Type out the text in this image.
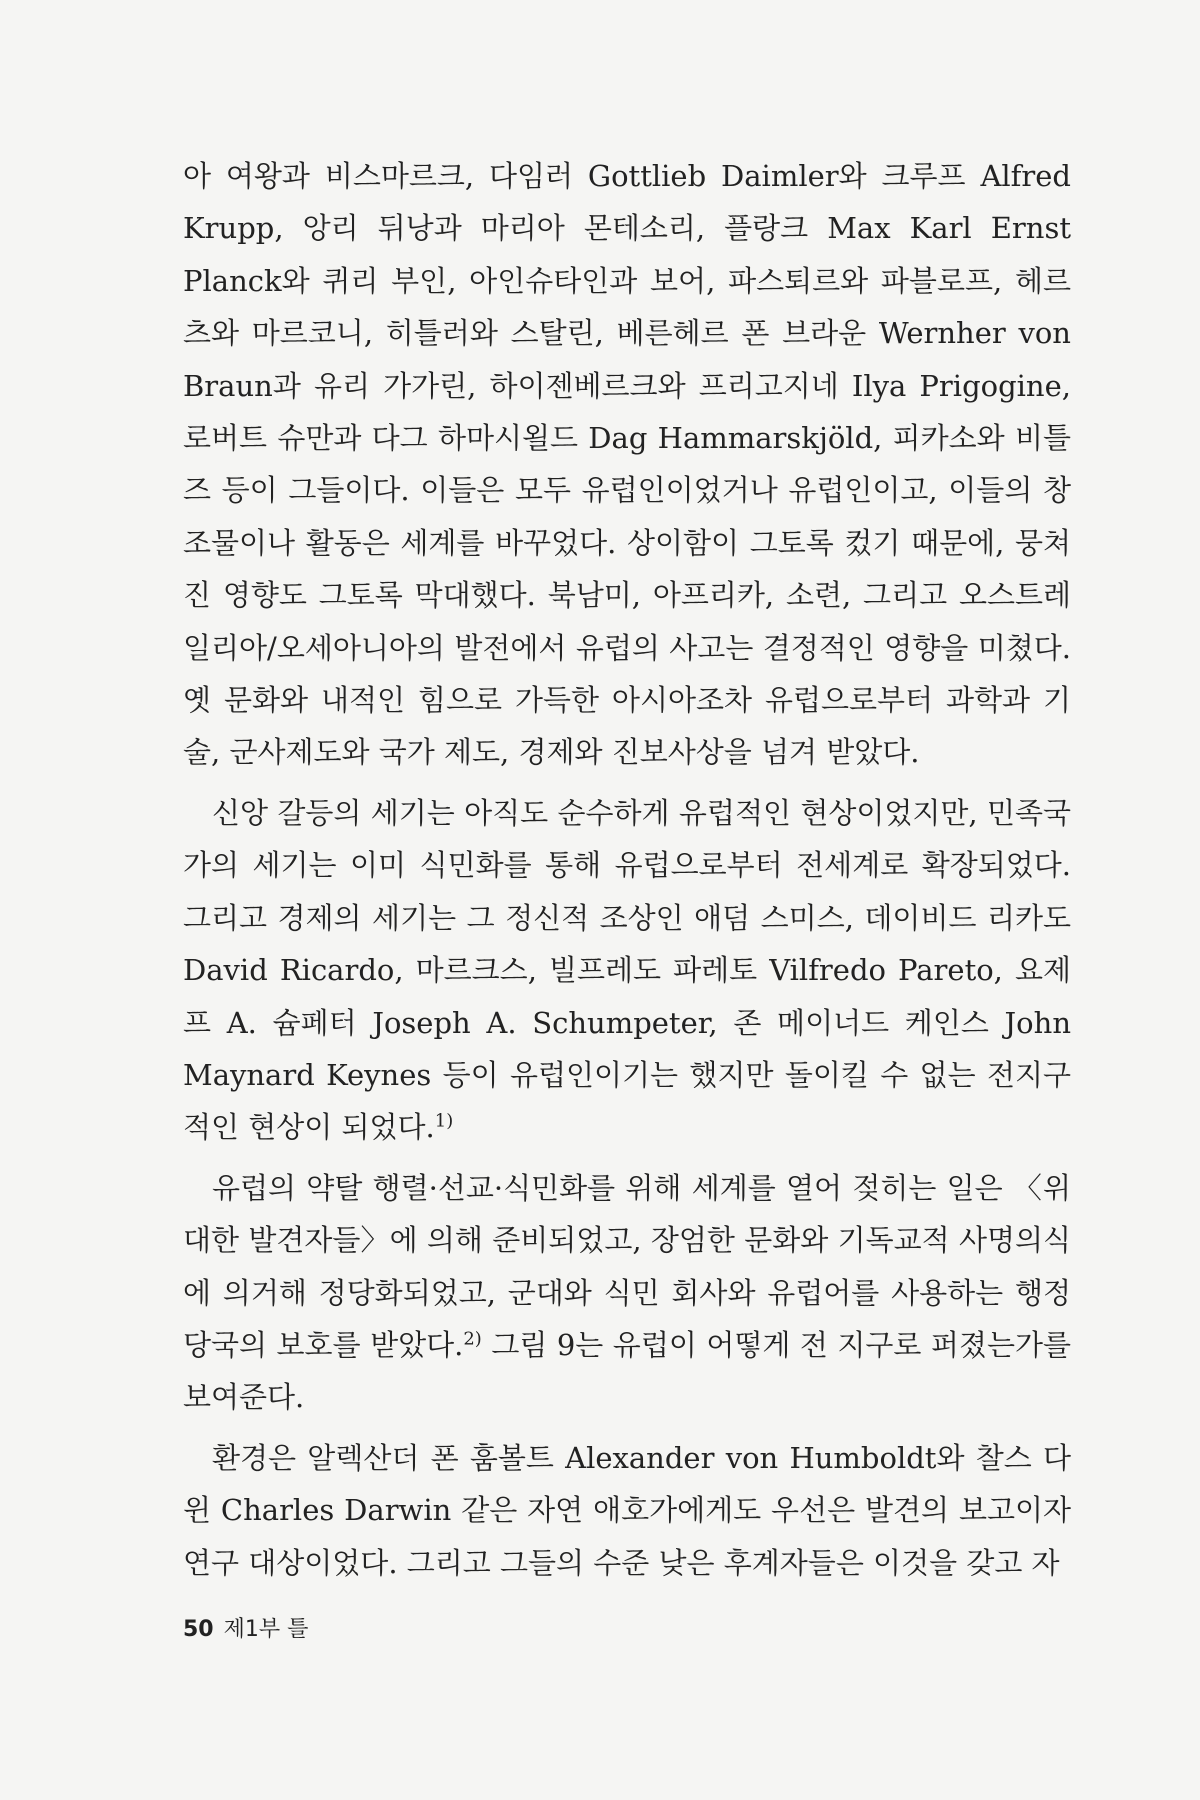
아 여왕과 비스마르크, 다임러 Gottlieb Daimler와 크루프 Alfred Krupp, 앙리 뒤낭과 마리아 몬테소리, 플랑크 Max Karl Ernst Planck와 퀴리 부인, 아인슈타인과 보어, 파스퇴르와 파블로프, 헤르츠와 마르코니, 히틀러와 스탈린, 베른헤르 폰 브라운 Wernher von Braun과 유리 가가린, 하이젠베르크와 프리고지네 Ilya Prigogine, 로버트 슈만과 다그 하마시욀드 Dag Hammarskjöld, 피카소와 비틀즈 등이 그들이다. 이들은 모두 유럽인이었거나 유럽인이고, 이들의 창조물이나 활동은 세계를 바꾸었다. 상이함이 그토록 컸기 때문에, 뭉쳐진 영향도 그토록 막대했다. 북남미, 아프리카, 소련, 그리고 오스트레일리아/오세아니아의 발전에서 유럽의 사고는 결정적인 영향을 미쳤다. 옛 문화와 내적인 힘으로 가득한 아시아조차 유럽으로부터 과학과 기술, 군사제도와 국가 제도, 경제와 진보사상을 넘겨 받았다.

신앙 갈등의 세기는 아직도 순수하게 유럽적인 현상이었지만, 민족국가의 세기는 이미 식민화를 통해 유럽으로부터 전세계로 확장되었다. 그리고 경제의 세기는 그 정신적 조상인 애덤 스미스, 데이비드 리카도 David Ricardo, 마르크스, 빌프레도 파레토 Vilfredo Pareto, 요제프 A. 슘페터 Joseph A. Schumpeter, 존 메이너드 케인스 John Maynard Keynes 등이 유럽인이기는 했지만 돌이킬 수 없는 전지구적인 현상이 되었다.$^{1)}$

유럽의 약탈 행렬·선교·식민화를 위해 세계를 열어 젖히는 일은 〈위대한 발견자들〉에 의해 준비되었고, 장엄한 문화와 기독교적 사명의식에 의거해 정당화되었고, 군대와 식민 회사와 유럽어를 사용하는 행정당국의 보호를 받았다.$^{2)}$ 그림 9는 유럽이 어떻게 전 지구로 퍼졌는가를 보여준다.

환경은 알렉산더 폰 훔볼트 Alexander von Humboldt와 찰스 다윈 Charles Darwin 같은 자연 애호가에게도 우선은 발견의 보고이자 연구 대상이었다. 그리고 그들의 수준 낮은 후계자들은 이것을 갖고 자

50 제1부 틀
